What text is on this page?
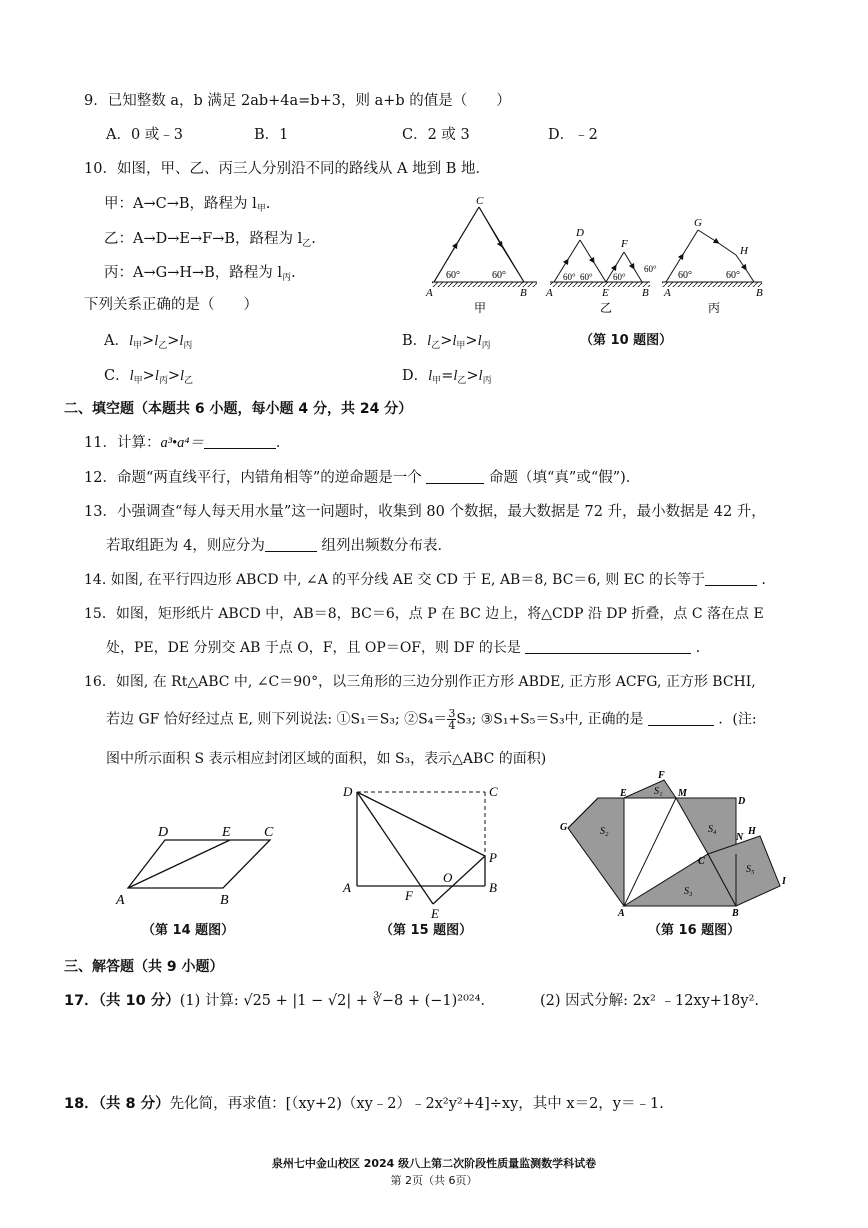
9．已知整数 a，b 满足 2ab+4a=b+3，则 a+b 的值是（　　）
A．0 或﹣3	B．1	C．2 或 3	D．﹣2
10．如图，甲、乙、丙三人分别沿不同的路线从 A 地到 B 地．
甲：A→C→B，路程为 $l_甲$.
乙：A→D→E→F→B，路程为 $l_乙$.
丙：A→G→H→B，路程为 $l_丙$.
下列关系正确的是（　　）
A．$l_甲>l_乙>l_丙$	B．$l_乙>l_甲>l_丙$
C．$l_甲>l_丙>l_乙$	D．$l_甲=l_乙>l_丙$
C
A	B
60°	60°
甲
D
F
A	E	B
60° 60° 60°
60°
乙
G
H
A	B
60°	60°
丙
（第 10 题图）
二、填空题（本题共 6 小题，每小题 4 分，共 24 分）
11．计算：a³•a⁴＝	．
12．命题“两直线平行，内错角相等”的逆命题是一个	命题（填“真”或“假”)．
13．小强调查“每人每天用水量”这一问题时，收集到 80 个数据，最大数据是 72 升，最小数据是 42 升，
若取组距为 4，则应分为	组列出频数分布表．
14. 如图, 在平行四边形 ABCD 中, ∠A 的平分线 AE 交 CD 于 E, AB＝8, BC＝6, 则 EC 的长等于	．
15．如图，矩形纸片 ABCD 中，AB＝8，BC＝6，点 P 在 BC 边上，将△CDP 沿 DP 折叠，点 C 落在点 E
处，PE，DE 分别交 AB 于点 O，F，且 OP＝OF，则 DF 的长是	．
16．如图, 在 Rt△ABC 中, ∠C＝90°，以三角形的三边分别作正方形 ABDE, 正方形 ACFG, 正方形 BCHI,
若边 GF 恰好经过点 E, 则下列说法: ①S₁＝S₃; ②S₄＝ $\frac{3}{4} S_3$; ③S₁+S₅＝S₃中, 正确的是	．(注:
图中所示面积 S 表示相应封闭区域的面积，如 S₃，表示△ABC 的面积)
D	E C
A	B
（第 14 题图）
D	C
P
A	B
F
O
E
（第 15 题图）
E
F
M
D
G
N
H
C
I
A	B
S₁
S₂
S₃
S₄
S₅
（第 16 题图）
三、解答题（共 9 小题）
17．（共 10 分）(1) 计算: √25 + |1 − √2| + ∛−8 + (−1)²⁰²⁴．	(2) 因式分解: 2x² ﹣12xy+18y².
18．（共 8 分）先化简，再求值：[（xy+2)（xy﹣2）﹣2x²y²+4]÷xy，其中 x＝2，y＝﹣1.
泉州七中金山校区 2024 级八上第二次阶段性质量监测数学科试卷
第 2页（共 6页）
